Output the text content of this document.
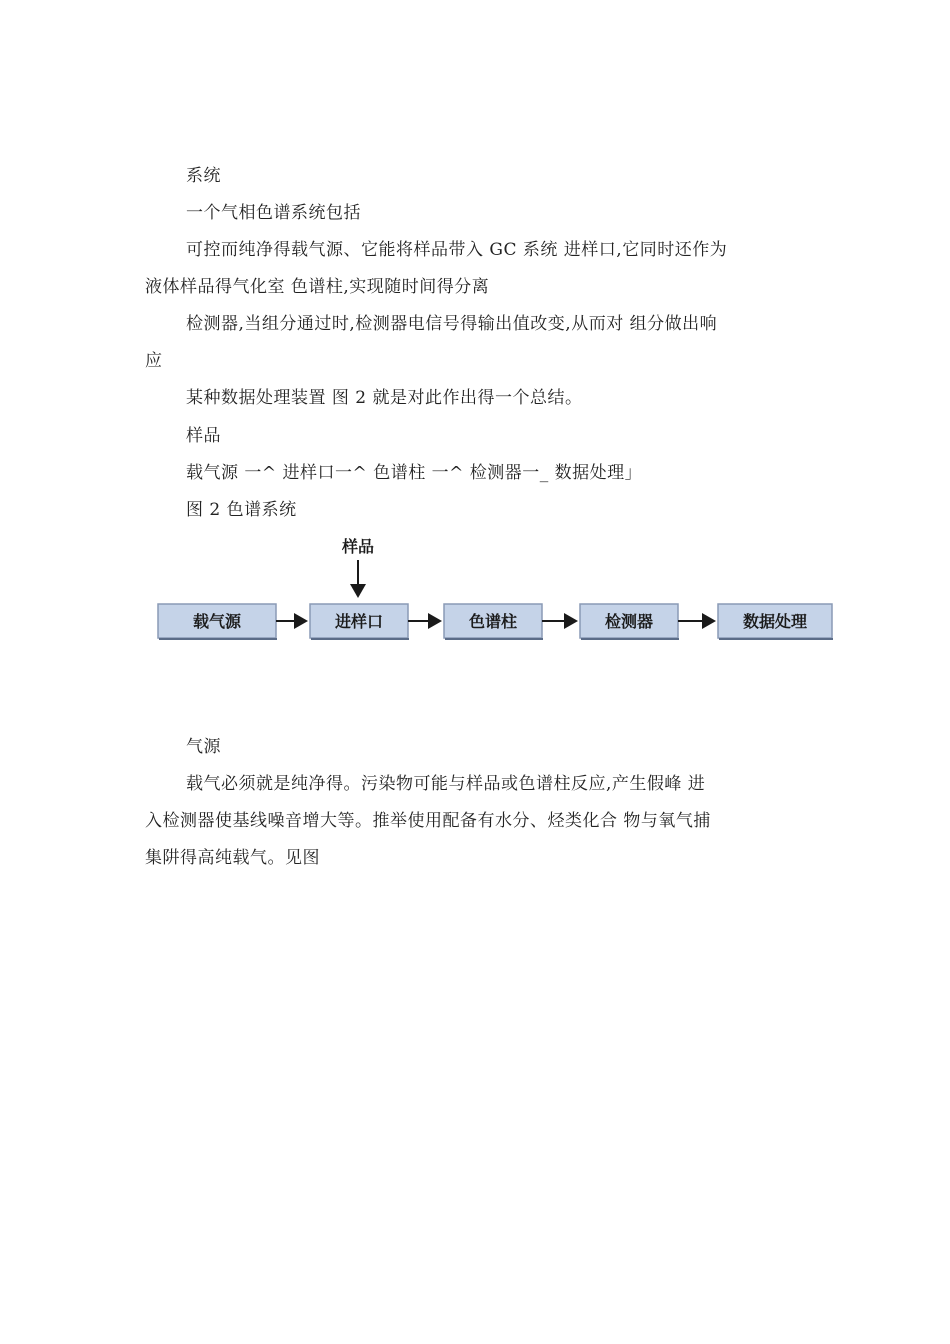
系统
一个气相色谱系统包括
可控而纯净得载气源、它能将样品带入 GC 系统 进样口,它同时还作为
液体样品得气化室 色谱柱,实现随时间得分离
检测器,当组分通过时,检测器电信号得输出值改变,从而对 组分做出响
应
某种数据处理装置 图 2 就是对此作出得一个总结。
样品
载气源 一^ 进样口一^ 色谱柱 一^ 检测器一_ 数据处理」
图 2 色谱系统
样品
载气源	进样口	色谱柱	检测器	数据处理
气源
载气必须就是纯净得。污染物可能与样品或色谱柱反应,产生假峰 进
入检测器使基线噪音增大等。推举使用配备有水分、烃类化合 物与氧气捕
集阱得高纯载气。见图
